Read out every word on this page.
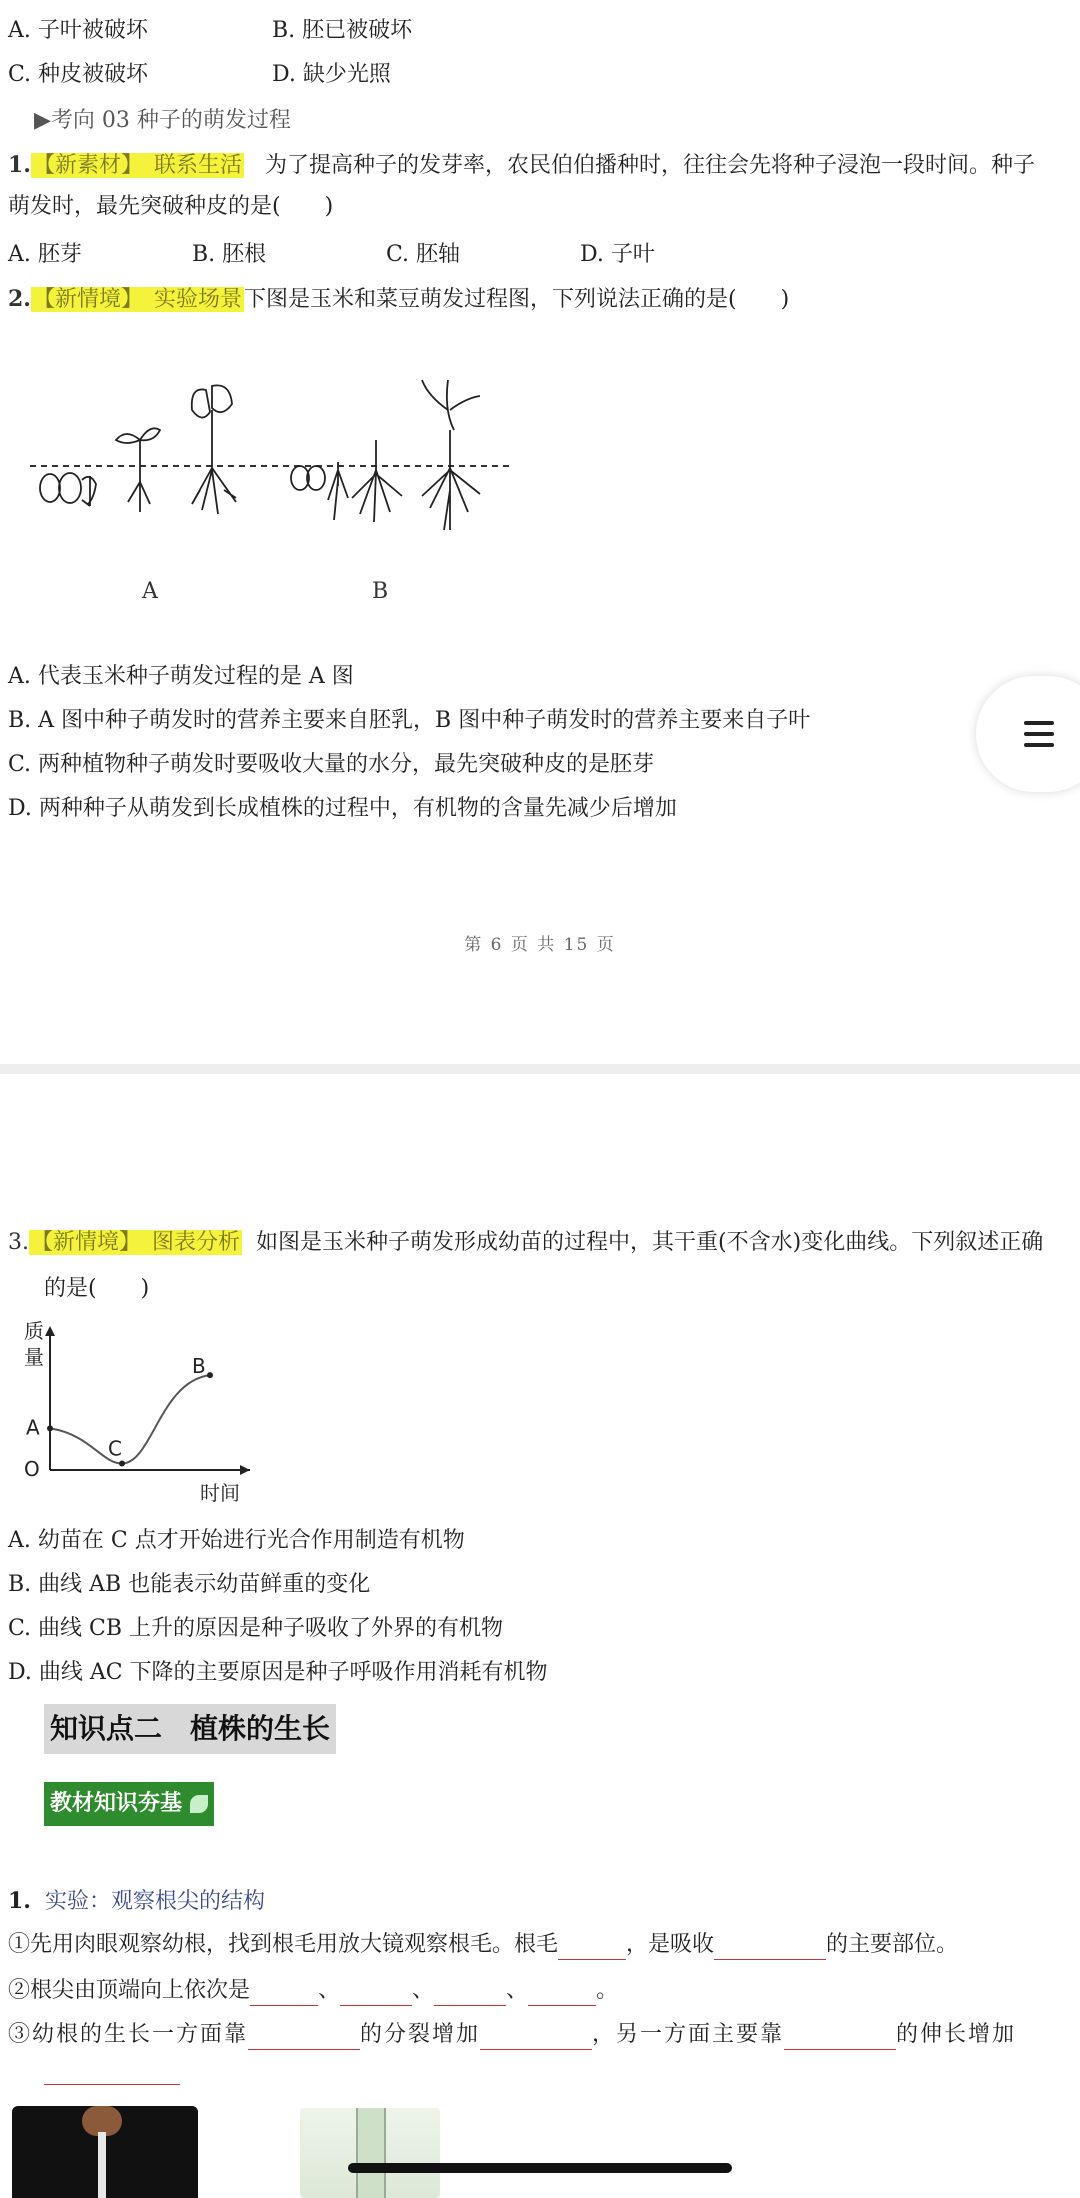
A. 子叶被破坏	B. 胚已被破坏
C. 种皮被破坏	D. 缺少光照
▶考向 03 种子的萌发过程
1.【新素材】 联系生活 为了提高种子的发芽率，农民伯伯播种时，往往会先将种子浸泡一段时间。种子
萌发时，最先突破种皮的是(　　)
A. 胚芽	B. 胚根	C. 胚轴	D. 子叶
2.【新情境】 实验场景下图是玉米和菜豆萌发过程图，下列说法正确的是(　　)
A	B
A. 代表玉米种子萌发过程的是 A 图
B. A 图中种子萌发时的营养主要来自胚乳，B 图中种子萌发时的营养主要来自子叶
C. 两种植物种子萌发时要吸收大量的水分，最先突破种皮的是胚芽
D. 两种种子从萌发到长成植株的过程中，有机物的含量先减少后增加
第 6 页 共 15 页
3.【新情境】 图表分析 如图是玉米种子萌发形成幼苗的过程中，其干重(不含水)变化曲线。下列叙述正确
的是(　　)
A
C
B
O
时间
质
量
A. 幼苗在 C 点才开始进行光合作用制造有机物
B. 曲线 AB 也能表示幼苗鲜重的变化
C. 曲线 CB 上升的原因是种子吸收了外界的有机物
D. 曲线 AC 下降的主要原因是种子呼吸作用消耗有机物
知识点二　植株的生长
教材知识夯基
1. 实验：观察根尖的结构
①先用肉眼观察幼根，找到根毛用放大镜观察根毛。根毛	，是吸收	的主要部位。
②根尖由顶端向上依次是	、	、	、	。
③幼根的生长一方面靠	的分裂增加	，另一方面主要靠	的伸长增加
